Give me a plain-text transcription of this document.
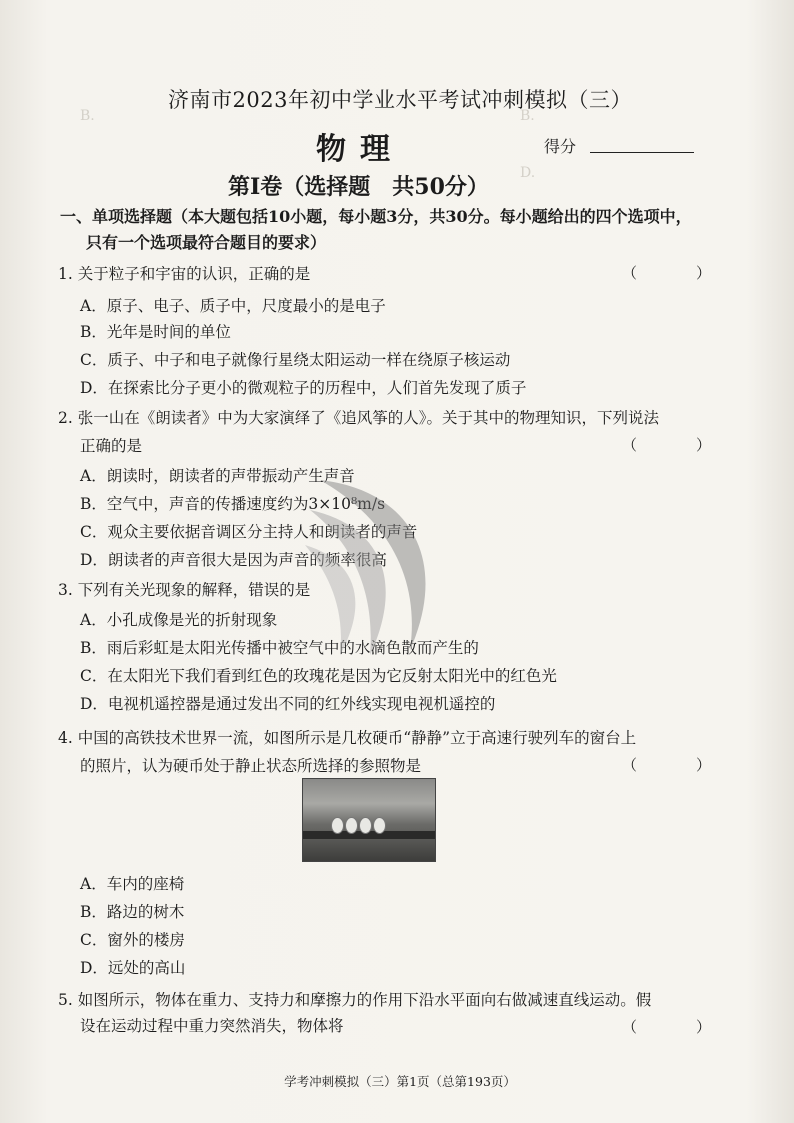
B.
D.
B.
济南市2023年初中学业水平考试冲刺模拟（三）
物理	得分
第Ⅰ卷（选择题　共50分）
一、单项选择题（本大题包括10小题，每小题3分，共30分。每小题给出的四个选项中，
只有一个选项最符合题目的要求）
1. 关于粒子和宇宙的认识，正确的是	（　）
A．原子、电子、质子中，尺度最小的是电子
B．光年是时间的单位
C．质子、中子和电子就像行星绕太阳运动一样在绕原子核运动
D．在探索比分子更小的微观粒子的历程中，人们首先发现了质子
2. 张一山在《朗读者》中为大家演绎了《追风筝的人》。关于其中的物理知识，下列说法
正确的是	（　）
A．朗读时，朗读者的声带振动产生声音
B．空气中，声音的传播速度约为3×10⁸m/s
C．观众主要依据音调区分主持人和朗读者的声音
D．朗读者的声音很大是因为声音的频率很高
3. 下列有关光现象的解释，错误的是
A．小孔成像是光的折射现象
B．雨后彩虹是太阳光传播中被空气中的水滴色散而产生的
C．在太阳光下我们看到红色的玫瑰花是因为它反射太阳光中的红色光
D．电视机遥控器是通过发出不同的红外线实现电视机遥控的
4. 中国的高铁技术世界一流，如图所示是几枚硬币“静静”立于高速行驶列车的窗台上
的照片，认为硬币处于静止状态所选择的参照物是	（　）
A．车内的座椅
B．路边的树木
C．窗外的楼房
D．远处的高山
5. 如图所示，物体在重力、支持力和摩擦力的作用下沿水平面向右做减速直线运动。假
设在运动过程中重力突然消失，物体将	（　）
学考冲刺模拟（三）第1页（总第193页）
